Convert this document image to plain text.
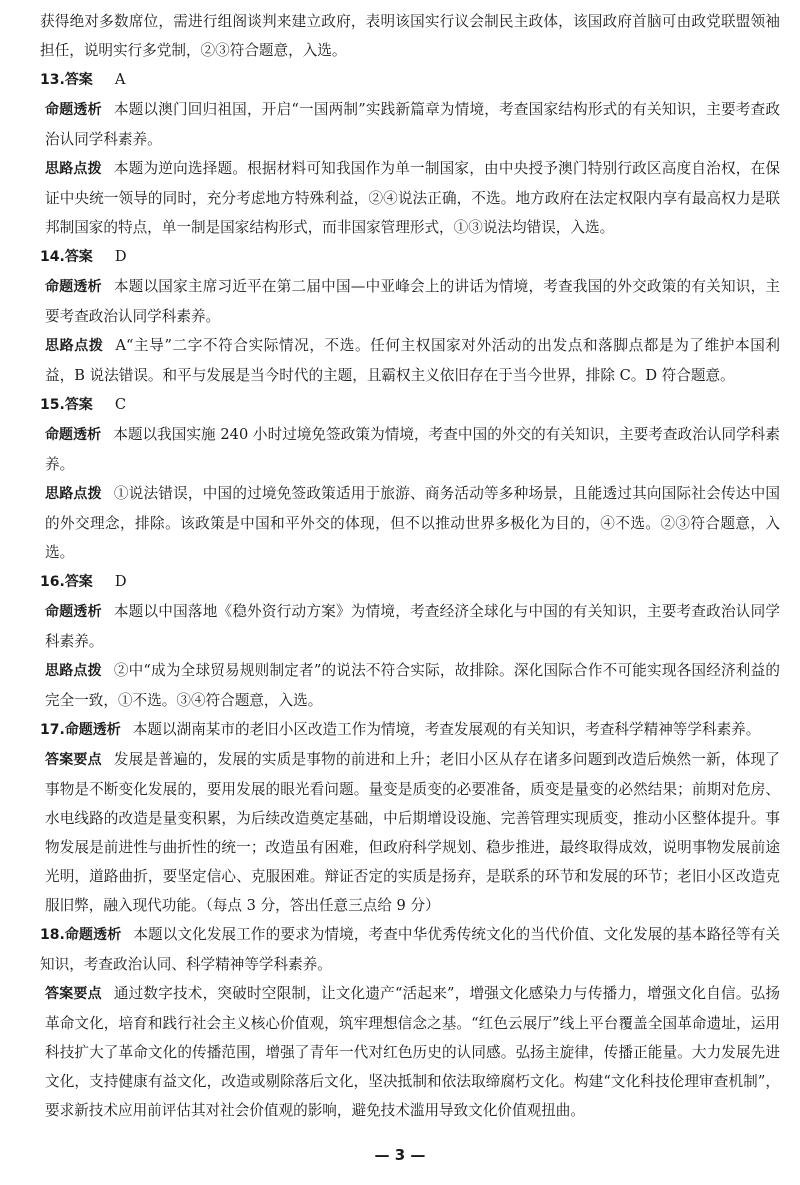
获得绝对多数席位，需进行组阁谈判来建立政府，表明该国实行议会制民主政体，该国政府首脑可由政党联盟领袖担任，说明实行多党制，②③符合题意，入选。

13.答案 A

命题透析 本题以澳门回归祖国，开启“一国两制”实践新篇章为情境，考查国家结构形式的有关知识，主要考查政治认同学科素养。

思路点拨 本题为逆向选择题。根据材料可知我国作为单一制国家，由中央授予澳门特别行政区高度自治权，在保证中央统一领导的同时，充分考虑地方特殊利益，②④说法正确，不选。地方政府在法定权限内享有最高权力是联邦制国家的特点，单一制是国家结构形式，而非国家管理形式，①③说法均错误，入选。

14.答案 D

命题透析 本题以国家主席习近平在第二届中国—中亚峰会上的讲话为情境，考查我国的外交政策的有关知识，主要考查政治认同学科素养。

思路点拨 A“主导”二字不符合实际情况，不选。任何主权国家对外活动的出发点和落脚点都是为了维护本国利益，B 说法错误。和平与发展是当今时代的主题，且霸权主义依旧存在于当今世界，排除 C。D 符合题意。

15.答案 C

命题透析 本题以我国实施 240 小时过境免签政策为情境，考查中国的外交的有关知识，主要考查政治认同学科素养。

思路点拨 ①说法错误，中国的过境免签政策适用于旅游、商务活动等多种场景，且能透过其向国际社会传达中国的外交理念，排除。该政策是中国和平外交的体现，但不以推动世界多极化为目的，④不选。②③符合题意，入选。

16.答案 D

命题透析 本题以中国落地《稳外资行动方案》为情境，考查经济全球化与中国的有关知识，主要考查政治认同学科素养。

思路点拨 ②中“成为全球贸易规则制定者”的说法不符合实际，故排除。深化国际合作不可能实现各国经济利益的完全一致，①不选。③④符合题意，入选。

17.命题透析 本题以湖南某市的老旧小区改造工作为情境，考查发展观的有关知识，考查科学精神等学科素养。

答案要点 发展是普遍的，发展的实质是事物的前进和上升；老旧小区从存在诸多问题到改造后焕然一新，体现了事物是不断变化发展的，要用发展的眼光看问题。量变是质变的必要准备，质变是量变的必然结果；前期对危房、水电线路的改造是量变积累，为后续改造奠定基础，中后期增设设施、完善管理实现质变，推动小区整体提升。事物发展是前进性与曲折性的统一；改造虽有困难，但政府科学规划、稳步推进，最终取得成效，说明事物发展前途光明，道路曲折，要坚定信心、克服困难。辩证否定的实质是扬弃，是联系的环节和发展的环节；老旧小区改造克服旧弊，融入现代功能。（每点 3 分，答出任意三点给 9 分）

18.命题透析 本题以文化发展工作的要求为情境，考查中华优秀传统文化的当代价值、文化发展的基本路径等有关知识，考查政治认同、科学精神等学科素养。

答案要点 通过数字技术，突破时空限制，让文化遗产“活起来”，增强文化感染力与传播力，增强文化自信。弘扬革命文化，培育和践行社会主义核心价值观，筑牢理想信念之基。“红色云展厅”线上平台覆盖全国革命遗址，运用科技扩大了革命文化的传播范围，增强了青年一代对红色历史的认同感。弘扬主旋律，传播正能量。大力发展先进文化，支持健康有益文化，改造或剔除落后文化，坚决抵制和依法取缔腐朽文化。构建“文化科技伦理审查机制”，要求新技术应用前评估其对社会价值观的影响，避免技术滥用导致文化价值观扭曲。

— 3 —
